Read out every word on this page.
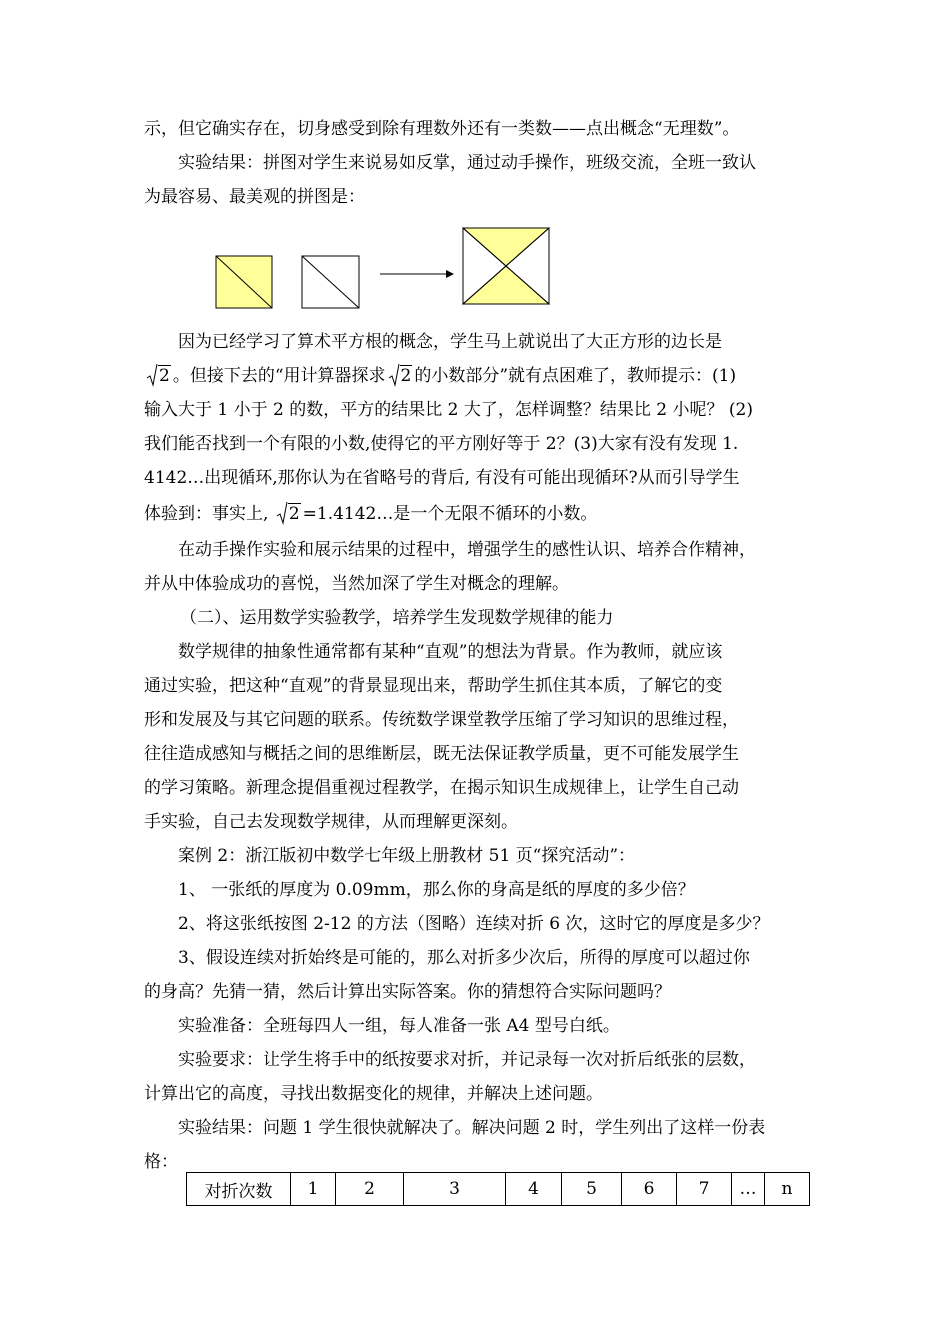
示，但它确实存在，切身感受到除有理数外还有一类数——点出概念“无理数”。
实验结果：拼图对学生来说易如反掌，通过动手操作，班级交流，全班一致认
为最容易、最美观的拼图是：
因为已经学习了算术平方根的概念，学生马上就说出了大正方形的边长是
2 。但接下去的“用计算器探求 2 的小数部分”就有点困难了，教师提示：(1)
输入大于 1 小于 2 的数，平方的结果比 2 大了，怎样调整？结果比 2 小呢？ (2)
我们能否找到一个有限的小数,使得它的平方刚好等于 2？(3)大家有没有发现 1.
4142…出现循环,那你认为在省略号的背后, 有没有可能出现循环?从而引导学生
体验到：事实上,
2 =1.4142…是一个无限不循环的小数。
在动手操作实验和展示结果的过程中，增强学生的感性认识、培养合作精神，
并从中体验成功的喜悦，当然加深了学生对概念的理解。
（二）、运用数学实验教学，培养学生发现数学规律的能力
数学规律的抽象性通常都有某种“直观”的想法为背景。作为教师，就应该
通过实验，把这种“直观”的背景显现出来，帮助学生抓住其本质，了解它的变
形和发展及与其它问题的联系。传统数学课堂教学压缩了学习知识的思维过程，
往往造成感知与概括之间的思维断层，既无法保证教学质量，更不可能发展学生
的学习策略。新理念提倡重视过程教学，在揭示知识生成规律上，让学生自己动
手实验，自己去发现数学规律，从而理解更深刻。
案例 2：浙江版初中数学七年级上册教材 51 页“探究活动”：
1、 一张纸的厚度为 0.09mm，那么你的身高是纸的厚度的多少倍？
2、将这张纸按图 2-12 的方法（图略）连续对折 6 次，这时它的厚度是多少？
3、假设连续对折始终是可能的，那么对折多少次后，所得的厚度可以超过你
的身高？先猜一猜，然后计算出实际答案。你的猜想符合实际问题吗？
实验准备：全班每四人一组，每人准备一张 A4 型号白纸。
实验要求：让学生将手中的纸按要求对折，并记录每一次对折后纸张的层数，
计算出它的高度，寻找出数据变化的规律，并解决上述问题。
实验结果：问题 1 学生很快就解决了。解决问题 2 时，学生列出了这样一份表
格：
对折次数	1	2	3	4	5	6	7	…	n
